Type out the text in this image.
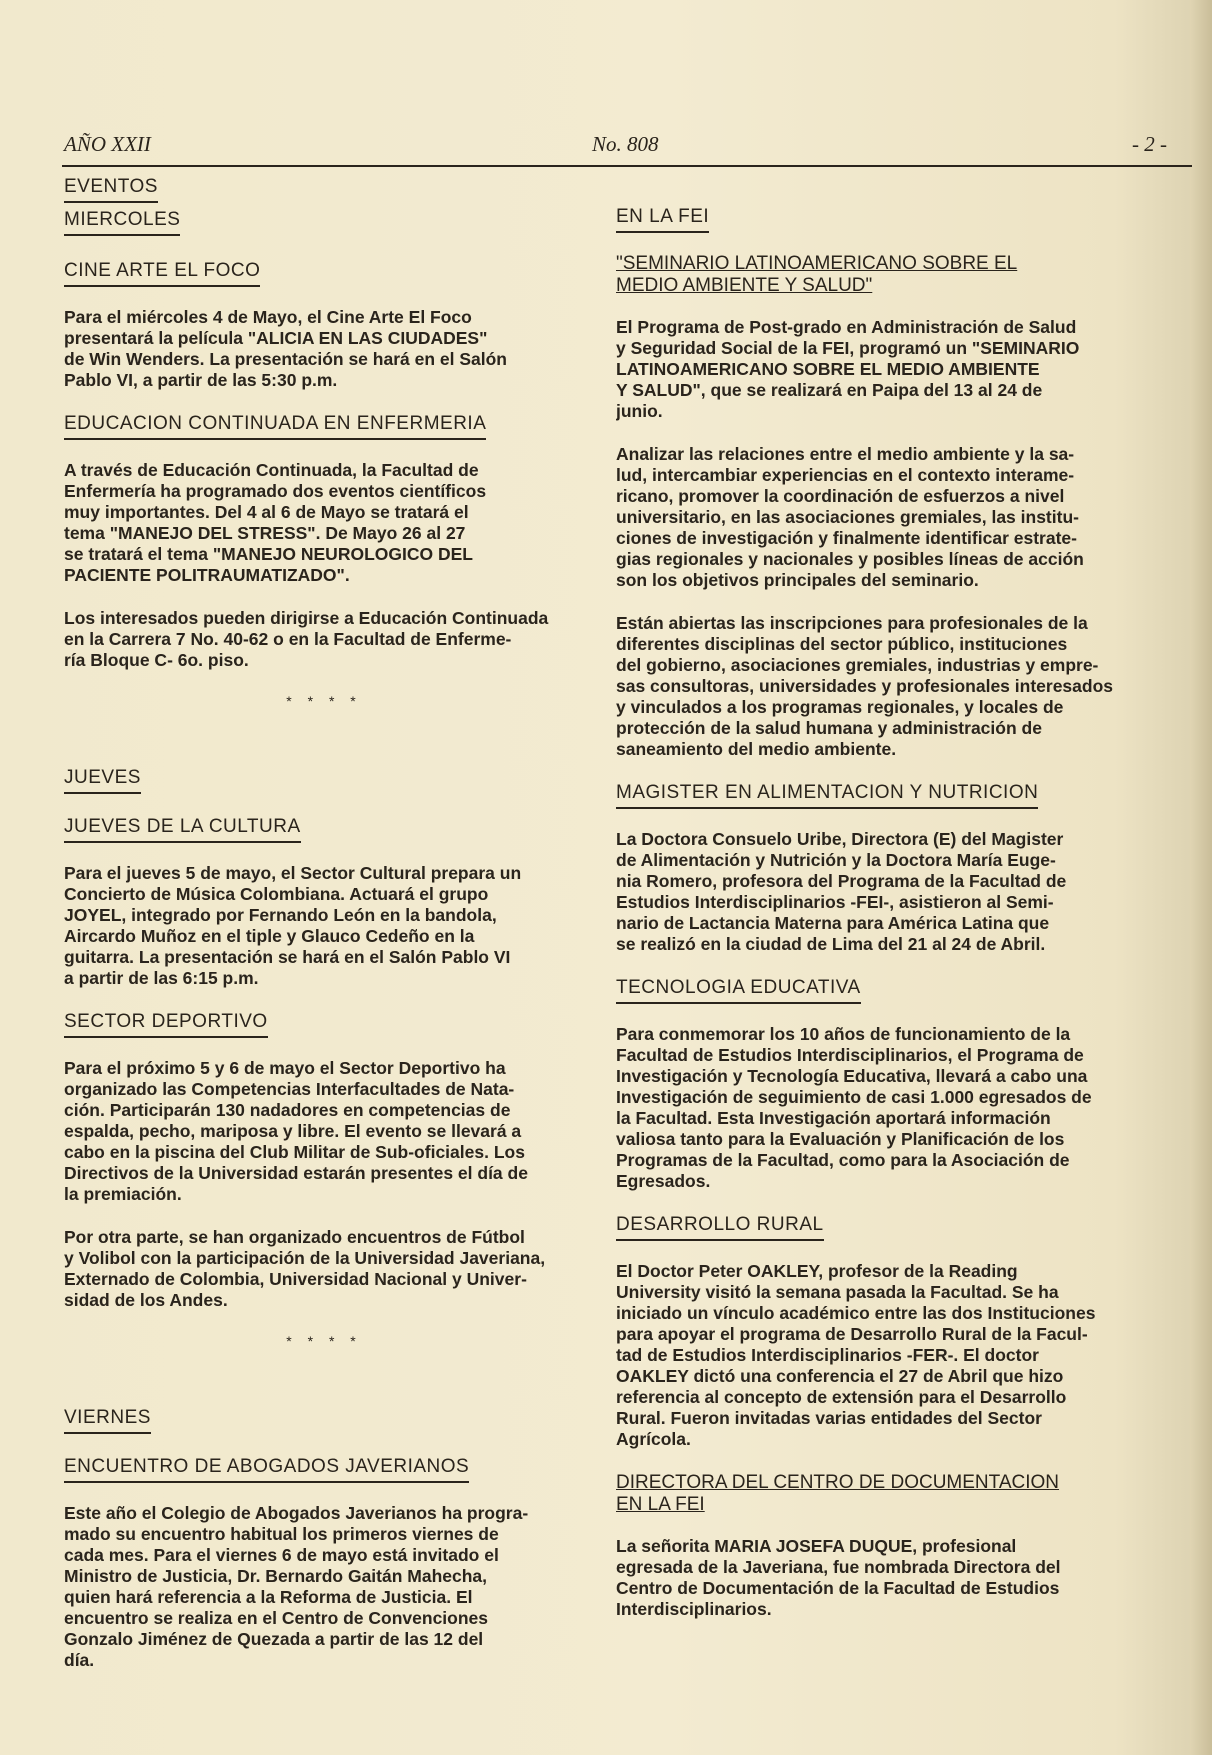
AÑO XXII	No. 808	- 2 -
EVENTOS
MIERCOLES
CINE ARTE EL FOCO
Para el miércoles 4 de Mayo, el Cine Arte El Foco
presentará la película "ALICIA EN LAS CIUDADES"
de Win Wenders. La presentación se hará en el Salón
Pablo VI, a partir de las 5:30 p.m.
EDUCACION CONTINUADA EN ENFERMERIA
A través de Educación Continuada, la Facultad de
Enfermería ha programado dos eventos científicos
muy importantes. Del 4 al 6 de Mayo se tratará el
tema "MANEJO DEL STRESS". De Mayo 26 al 27
se tratará el tema "MANEJO NEUROLOGICO DEL
PACIENTE POLITRAUMATIZADO".
Los interesados pueden dirigirse a Educación Continuada
en la Carrera 7 No. 40-62 o en la Facultad de Enferme-
ría Bloque C- 6o. piso.
* * * *
JUEVES
JUEVES DE LA CULTURA
Para el jueves 5 de mayo, el Sector Cultural prepara un
Concierto de Música Colombiana. Actuará el grupo
JOYEL, integrado por Fernando León en la bandola,
Aircardo Muñoz en el tiple y Glauco Cedeño en la
guitarra. La presentación se hará en el Salón Pablo VI
a partir de las 6:15 p.m.
SECTOR DEPORTIVO
Para el próximo 5 y 6 de mayo el Sector Deportivo ha
organizado las Competencias Interfacultades de Nata-
ción. Participarán 130 nadadores en competencias de
espalda, pecho, mariposa y libre. El evento se llevará a
cabo en la piscina del Club Militar de Sub-oficiales. Los
Directivos de la Universidad estarán presentes el día de
la premiación.
Por otra parte, se han organizado encuentros de Fútbol
y Volibol con la participación de la Universidad Javeriana,
Externado de Colombia, Universidad Nacional y Univer-
sidad de los Andes.
* * * *
VIERNES
ENCUENTRO DE ABOGADOS JAVERIANOS
Este año el Colegio de Abogados Javerianos ha progra-
mado su encuentro habitual los primeros viernes de
cada mes. Para el viernes 6 de mayo está invitado el
Ministro de Justicia, Dr. Bernardo Gaitán Mahecha,
quien hará referencia a la Reforma de Justicia. El
encuentro se realiza en el Centro de Convenciones
Gonzalo Jiménez de Quezada a partir de las 12 del
día.
EN LA FEI
"SEMINARIO LATINOAMERICANO SOBRE EL
MEDIO AMBIENTE Y SALUD"
El Programa de Post-grado en Administración de Salud
y Seguridad Social de la FEI, programó un "SEMINARIO
LATINOAMERICANO SOBRE EL MEDIO AMBIENTE
Y SALUD", que se realizará en Paipa del 13 al 24 de
junio.
Analizar las relaciones entre el medio ambiente y la sa-
lud, intercambiar experiencias en el contexto interame-
ricano, promover la coordinación de esfuerzos a nivel
universitario, en las asociaciones gremiales, las institu-
ciones de investigación y finalmente identificar estrate-
gias regionales y nacionales y posibles líneas de acción
son los objetivos principales del seminario.
Están abiertas las inscripciones para profesionales de la
diferentes disciplinas del sector público, instituciones
del gobierno, asociaciones gremiales, industrias y empre-
sas consultoras, universidades y profesionales interesados
y vinculados a los programas regionales, y locales de
protección de la salud humana y administración de
saneamiento del medio ambiente.
MAGISTER EN ALIMENTACION Y NUTRICION
La Doctora Consuelo Uribe, Directora (E) del Magister
de Alimentación y Nutrición y la Doctora María Euge-
nia Romero, profesora del Programa de la Facultad de
Estudios Interdisciplinarios -FEI-, asistieron al Semi-
nario de Lactancia Materna para América Latina que
se realizó en la ciudad de Lima del 21 al 24 de Abril.
TECNOLOGIA EDUCATIVA
Para conmemorar los 10 años de funcionamiento de la
Facultad de Estudios Interdisciplinarios, el Programa de
Investigación y Tecnología Educativa, llevará a cabo una
Investigación de seguimiento de casi 1.000 egresados de
la Facultad. Esta Investigación aportará información
valiosa tanto para la Evaluación y Planificación de los
Programas de la Facultad, como para la Asociación de
Egresados.
DESARROLLO RURAL
El Doctor Peter OAKLEY, profesor de la Reading
University visitó la semana pasada la Facultad. Se ha
iniciado un vínculo académico entre las dos Instituciones
para apoyar el programa de Desarrollo Rural de la Facul-
tad de Estudios Interdisciplinarios -FER-. El doctor
OAKLEY dictó una conferencia el 27 de Abril que hizo
referencia al concepto de extensión para el Desarrollo
Rural. Fueron invitadas varias entidades del Sector
Agrícola.
DIRECTORA DEL CENTRO DE DOCUMENTACION
EN LA FEI
La señorita MARIA JOSEFA DUQUE, profesional
egresada de la Javeriana, fue nombrada Directora del
Centro de Documentación de la Facultad de Estudios
Interdisciplinarios.
